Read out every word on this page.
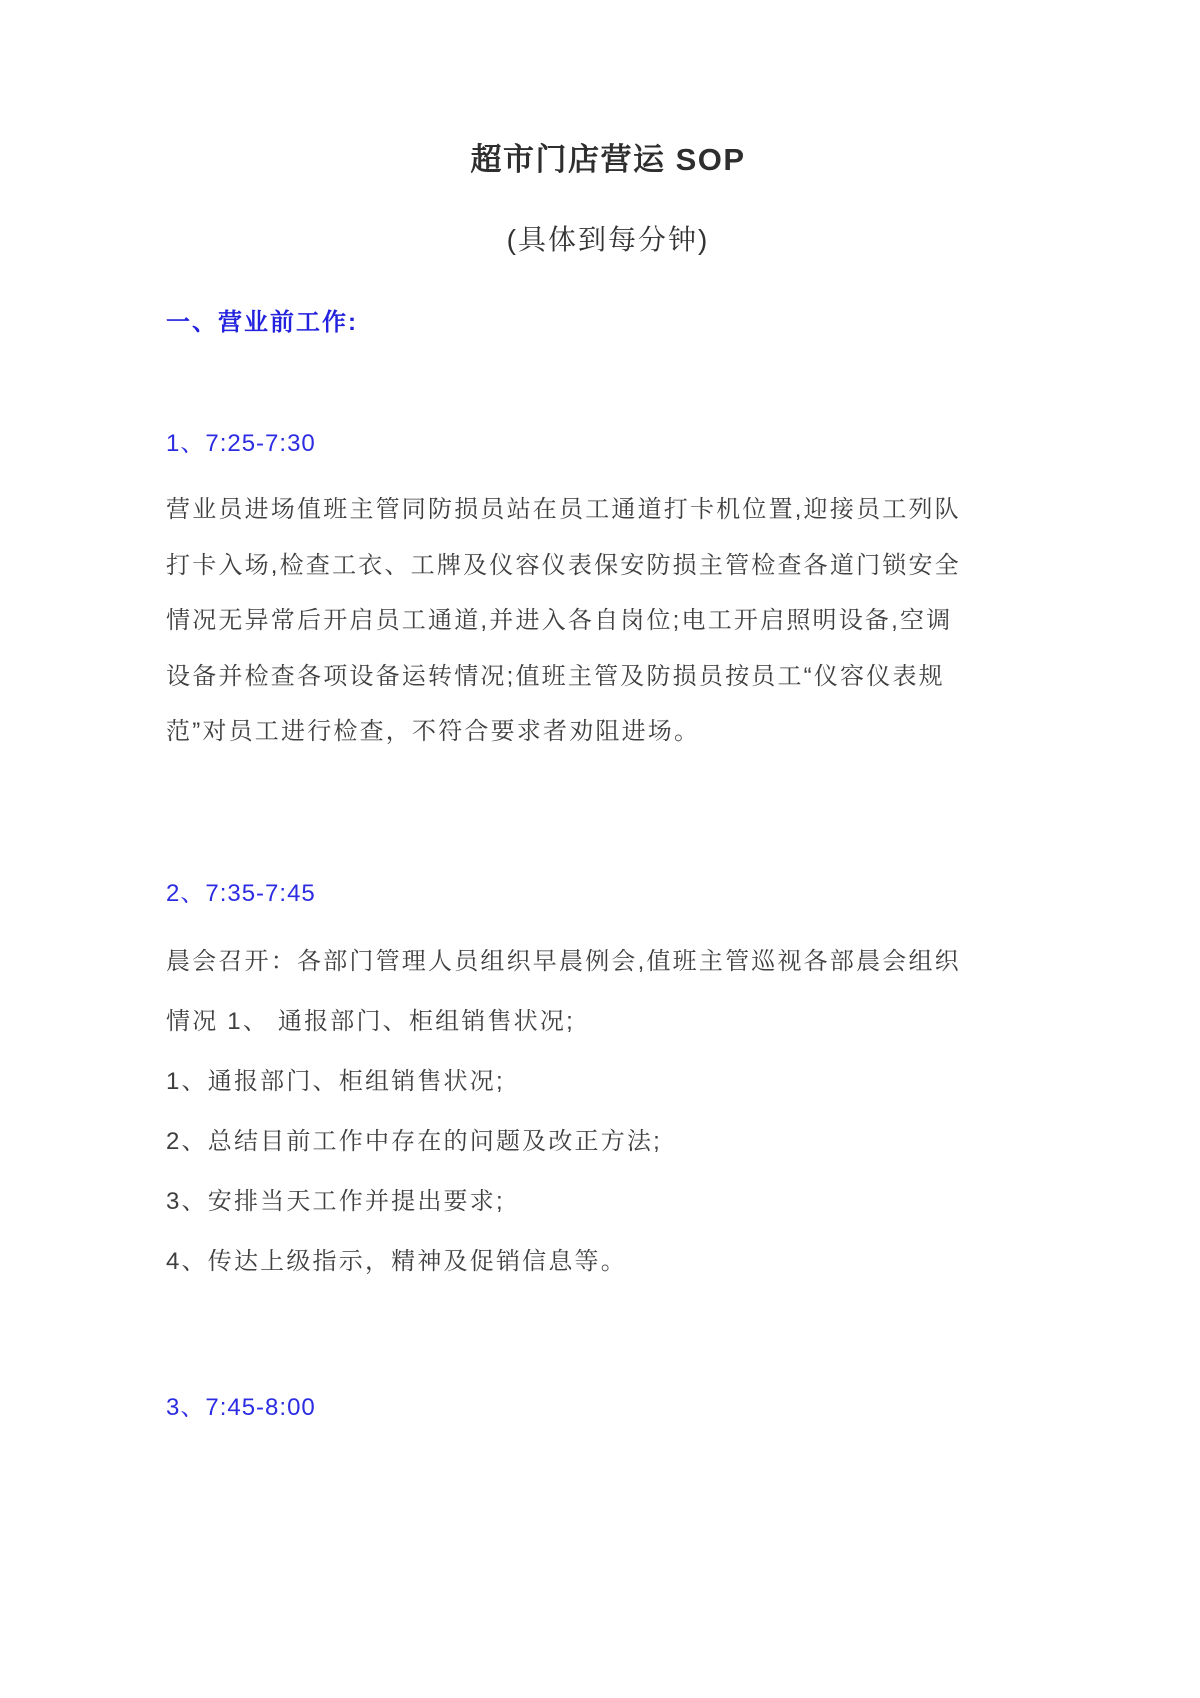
超市门店营运 SOP
(具体到每分钟)
一、营业前工作:
1、7:25-7:30
营业员进场值班主管同防损员站在员工通道打卡机位置,迎接员工列队
打卡入场,检查工衣、工牌及仪容仪表保安防损主管检查各道门锁安全
情况无异常后开启员工通道,并进入各自岗位;电工开启照明设备,空调
设备并检查各项设备运转情况;值班主管及防损员按员工“仪容仪表规
范”对员工进行检查，不符合要求者劝阻进场。
2、7:35-7:45
晨会召开：各部门管理人员组织早晨例会,值班主管巡视各部晨会组织
情况 1、 通报部门、柜组销售状况;
1、通报部门、柜组销售状况;
2、总结目前工作中存在的问题及改正方法;
3、安排当天工作并提出要求;
4、传达上级指示，精神及促销信息等。
3、7:45-8:00
